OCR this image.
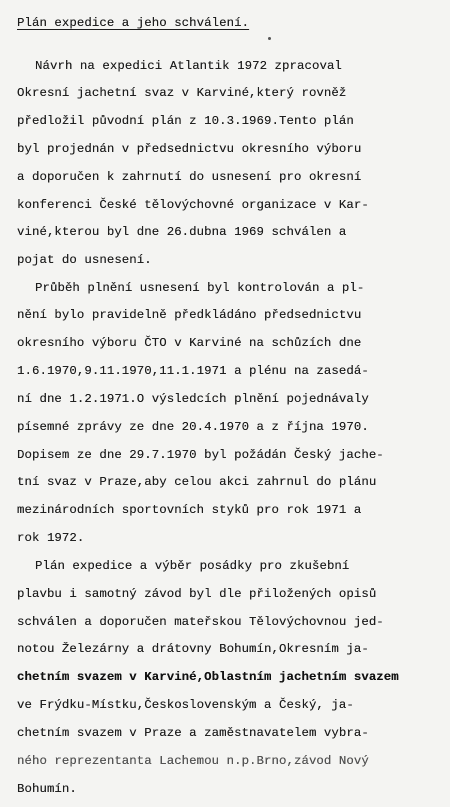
Plán expedice a jeho schválení.
Návrh na expedici Atlantik 1972 zpracoval
Okresní jachetní svaz v Karviné,který rovněž
předložil původní plán z 10.3.1969.Tento plán
byl projednán v předsednictvu okresního výboru
a doporučen k zahrnutí do usnesení pro okresní
konferenci České tělovýchovné organizace v Kar-
viné,kterou byl dne 26.dubna 1969 schválen a
pojat do usnesení.
Průběh plnění usnesení byl kontrolován a pl-
nění bylo pravidelně předkládáno předsednictvu
okresního výboru ČTO v Karviné na schůzích dne
1.6.1970,9.11.1970,11.1.1971 a plénu na zasedá-
ní dne 1.2.1971.O výsledcích plnění pojednávaly
písemné zprávy ze dne 20.4.1970 a z října 1970.
Dopisem ze dne 29.7.1970 byl požádán Český jache-
tní svaz v Praze,aby celou akci zahrnul do plánu
mezinárodních sportovních styků pro rok 1971 a
rok 1972.
Plán expedice a výběr posádky pro zkušební
plavbu i samotný závod byl dle přiložených opisů
schválen a doporučen mateřskou Tělovýchovnou jed-
notou Železárny a drátovny Bohumín,Okresním ja-
chetním svazem v Karviné,Oblastním jachetním svazem
ve Frýdku-Místku,Československým a Český, ja-
chetním svazem v Praze a zaměstnavatelem vybra-
ného reprezentanta Lachemou n.p.Brno,závod Nový
Bohumín.
